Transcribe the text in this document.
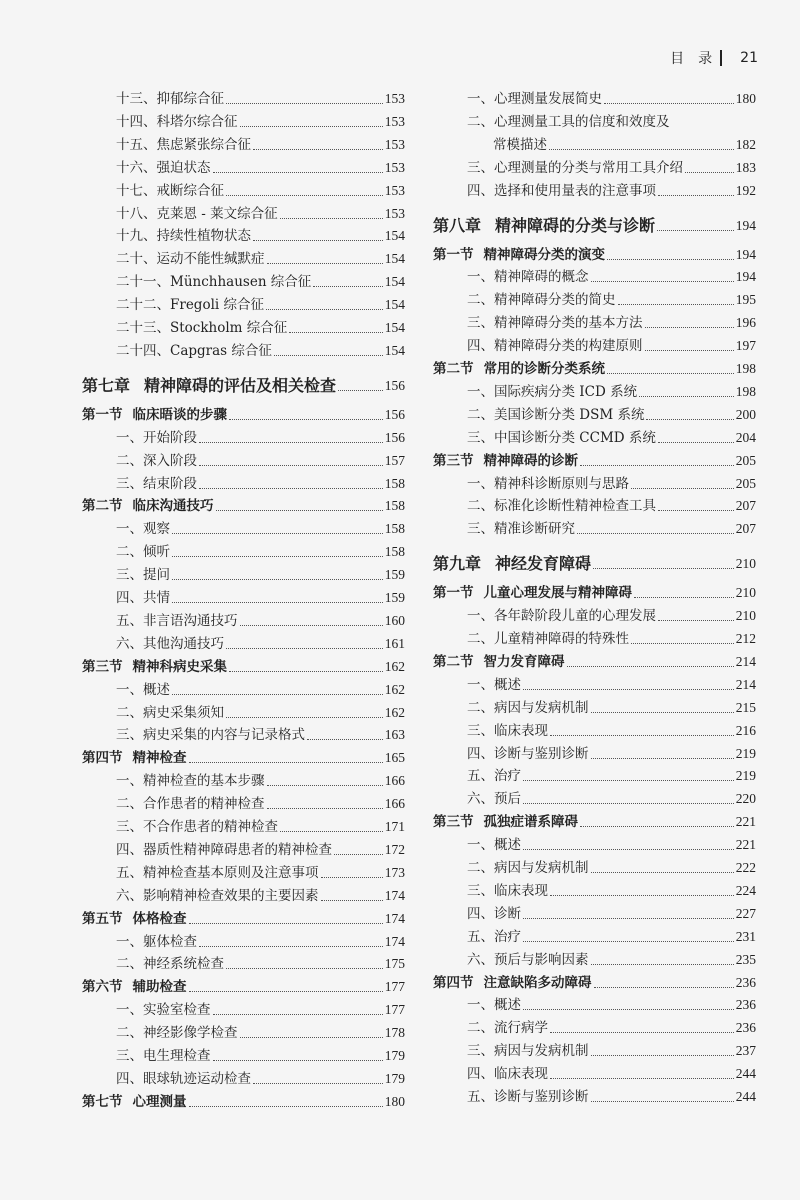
目　录 21
十三、抑郁综合征	153
十四、科塔尔综合征	153
十五、焦虑紧张综合征	153
十六、强迫状态	153
十七、戒断综合征	153
十八、克莱恩 - 莱文综合征	153
十九、持续性植物状态	154
二十、运动不能性缄默症	154
二十一、Münchhausen 综合征	154
二十二、Fregoli 综合征	154
二十三、Stockholm 综合征	154
二十四、Capgras 综合征	154
第七章 精神障碍的评估及相关检查	156
第一节 临床晤谈的步骤	156
一、开始阶段	156
二、深入阶段	157
三、结束阶段	158
第二节 临床沟通技巧	158
一、观察	158
二、倾听	158
三、提问	159
四、共情	159
五、非言语沟通技巧	160
六、其他沟通技巧	161
第三节 精神科病史采集	162
一、概述	162
二、病史采集须知	162
三、病史采集的内容与记录格式	163
第四节 精神检查	165
一、精神检查的基本步骤	166
二、合作患者的精神检查	166
三、不合作患者的精神检查	171
四、器质性精神障碍患者的精神检查	172
五、精神检查基本原则及注意事项	173
六、影响精神检查效果的主要因素	174
第五节 体格检查	174
一、躯体检查	174
二、神经系统检查	175
第六节 辅助检查	177
一、实验室检查	177
二、神经影像学检查	178
三、电生理检查	179
四、眼球轨迹运动检查	179
第七节 心理测量	180
一、心理测量发展简史	180
二、心理测量工具的信度和效度及
常模描述	182
三、心理测量的分类与常用工具介绍	183
四、选择和使用量表的注意事项	192
第八章 精神障碍的分类与诊断	194
第一节 精神障碍分类的演变	194
一、精神障碍的概念	194
二、精神障碍分类的简史	195
三、精神障碍分类的基本方法	196
四、精神障碍分类的构建原则	197
第二节 常用的诊断分类系统	198
一、国际疾病分类 ICD 系统	198
二、美国诊断分类 DSM 系统	200
三、中国诊断分类 CCMD 系统	204
第三节 精神障碍的诊断	205
一、精神科诊断原则与思路	205
二、标准化诊断性精神检查工具	207
三、精准诊断研究	207
第九章 神经发育障碍	210
第一节 儿童心理发展与精神障碍	210
一、各年龄阶段儿童的心理发展	210
二、儿童精神障碍的特殊性	212
第二节 智力发育障碍	214
一、概述	214
二、病因与发病机制	215
三、临床表现	216
四、诊断与鉴别诊断	219
五、治疗	219
六、预后	220
第三节 孤独症谱系障碍	221
一、概述	221
二、病因与发病机制	222
三、临床表现	224
四、诊断	227
五、治疗	231
六、预后与影响因素	235
第四节 注意缺陷多动障碍	236
一、概述	236
二、流行病学	236
三、病因与发病机制	237
四、临床表现	244
五、诊断与鉴别诊断	244
